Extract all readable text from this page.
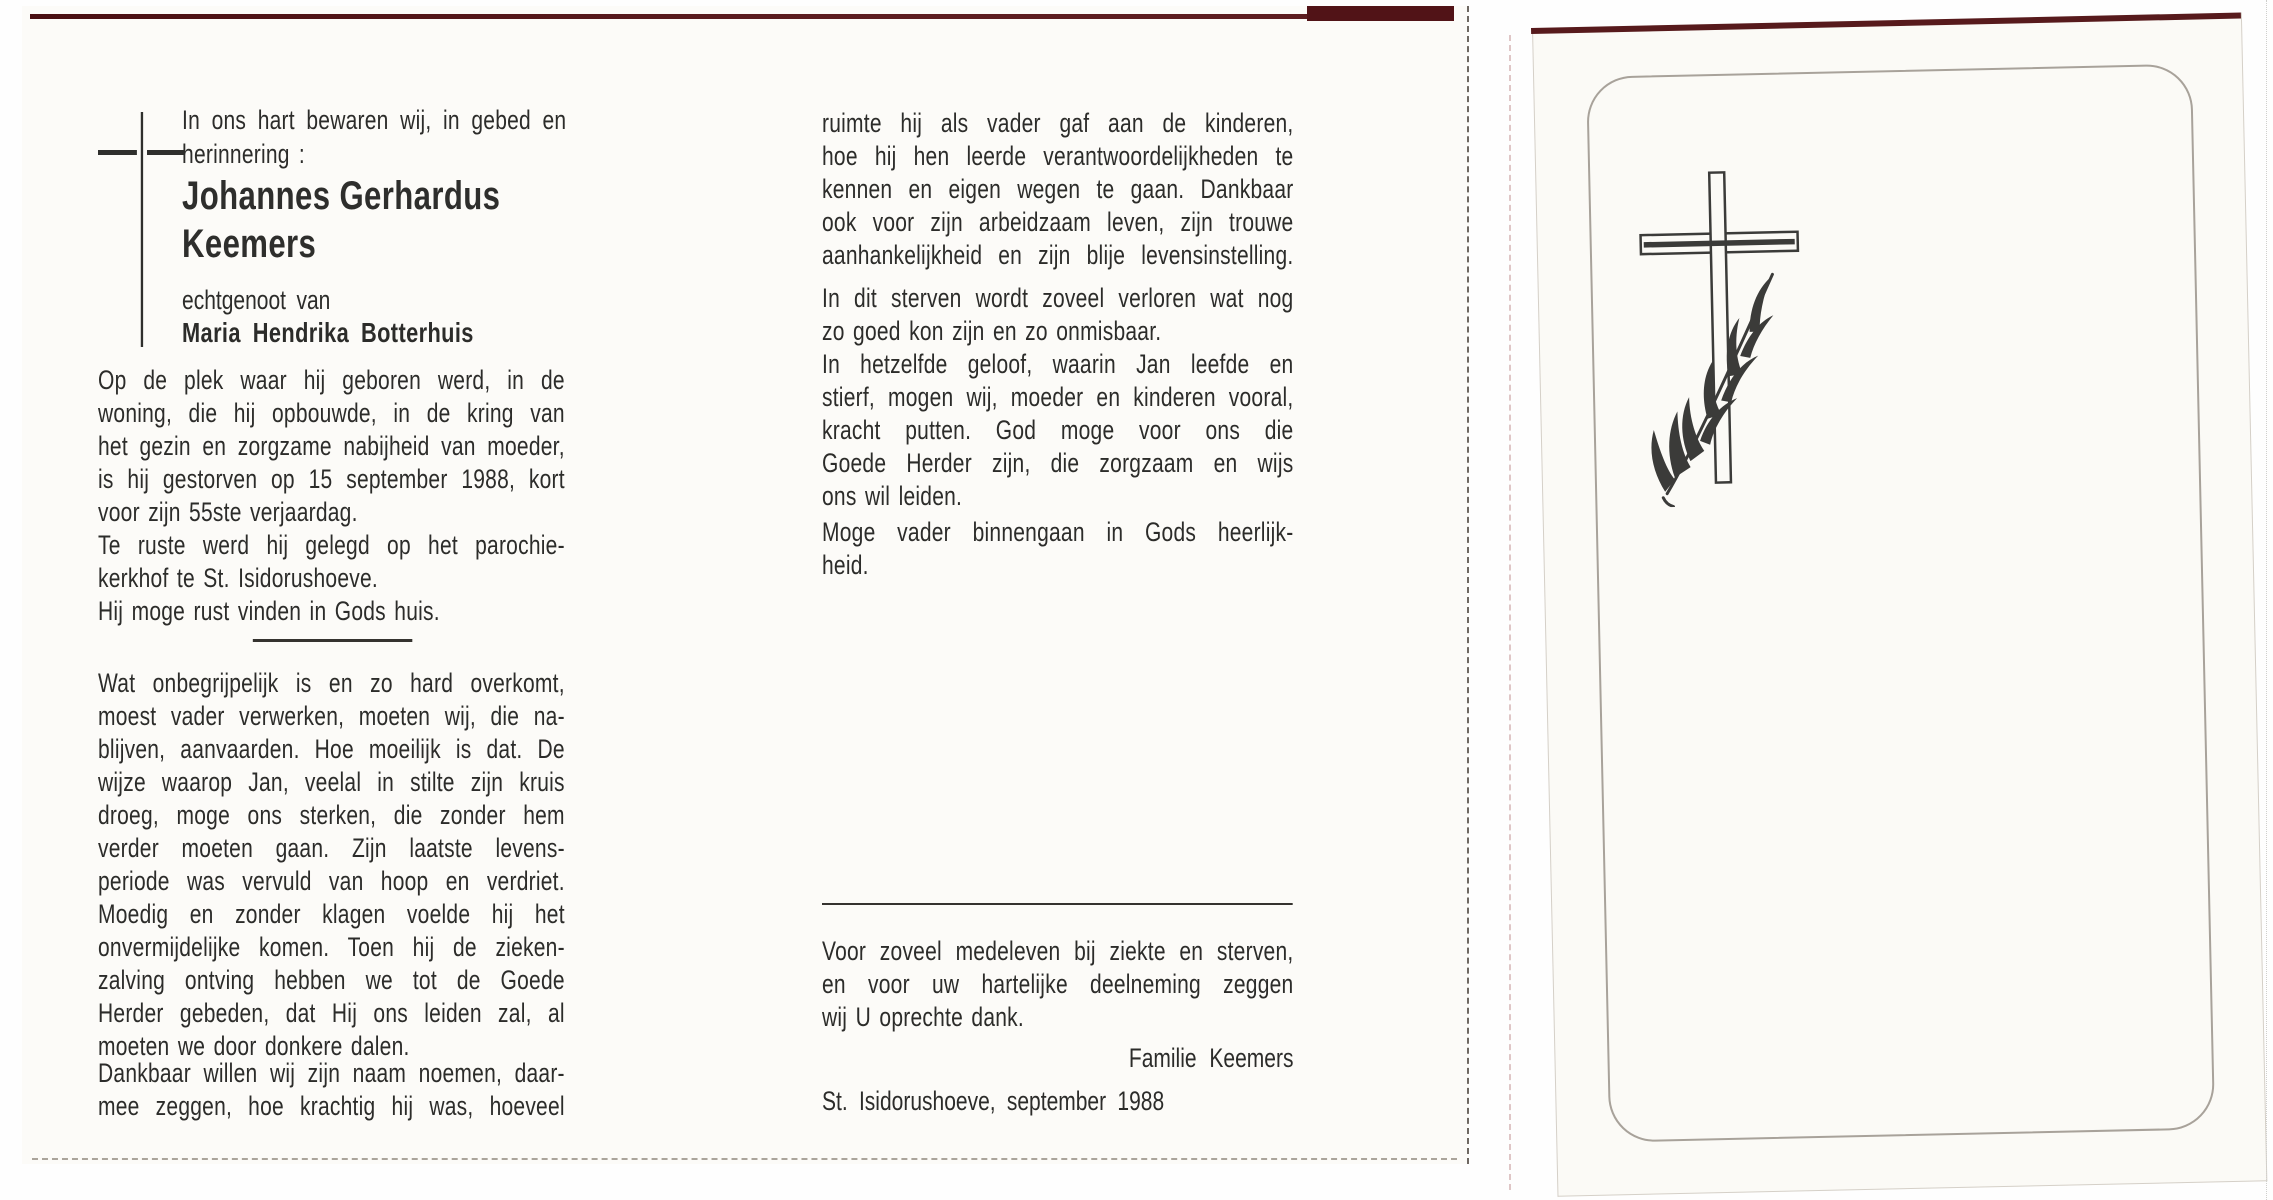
In ons hart bewaren wij, in gebed en
herinnering :
Johannes Gerhardus
Keemers
echtgenoot van
Maria Hendrika Botterhuis
Op de plek waar hij geboren werd, in de
woning, die hij opbouwde, in de kring van
het gezin en zorgzame nabijheid van moeder,
is hij gestorven op 15 september 1988, kort
voor zijn 55ste verjaardag.
Te ruste werd hij gelegd op het parochie-
kerkhof te St. Isidorushoeve.
Hij moge rust vinden in Gods huis.
Wat onbegrijpelijk is en zo hard overkomt,
moest vader verwerken, moeten wij, die na-
blijven, aanvaarden. Hoe moeilijk is dat. De
wijze waarop Jan, veelal in stilte zijn kruis
droeg, moge ons sterken, die zonder hem
verder moeten gaan. Zijn laatste levens-
periode was vervuld van hoop en verdriet.
Moedig en zonder klagen voelde hij het
onvermijdelijke komen. Toen hij de zieken-
zalving ontving hebben we tot de Goede
Herder gebeden, dat Hij ons leiden zal, al
moeten we door donkere dalen.
Dankbaar willen wij zijn naam noemen, daar-
mee zeggen, hoe krachtig hij was, hoeveel
ruimte hij als vader gaf aan de kinderen,
hoe hij hen leerde verantwoordelijkheden te
kennen en eigen wegen te gaan. Dankbaar
ook voor zijn arbeidzaam leven, zijn trouwe
aanhankelijkheid en zijn blije levensinstelling.
In dit sterven wordt zoveel verloren wat nog
zo goed kon zijn en zo onmisbaar.
In hetzelfde geloof, waarin Jan leefde en
stierf, mogen wij, moeder en kinderen vooral,
kracht putten. God moge voor ons die
Goede Herder zijn, die zorgzaam en wijs
ons wil leiden.
Moge vader binnengaan in Gods heerlijk-
heid.
Voor zoveel medeleven bij ziekte en sterven,
en voor uw hartelijke deelneming zeggen
wij U oprechte dank.
Familie Keemers
St. Isidorushoeve, september 1988
